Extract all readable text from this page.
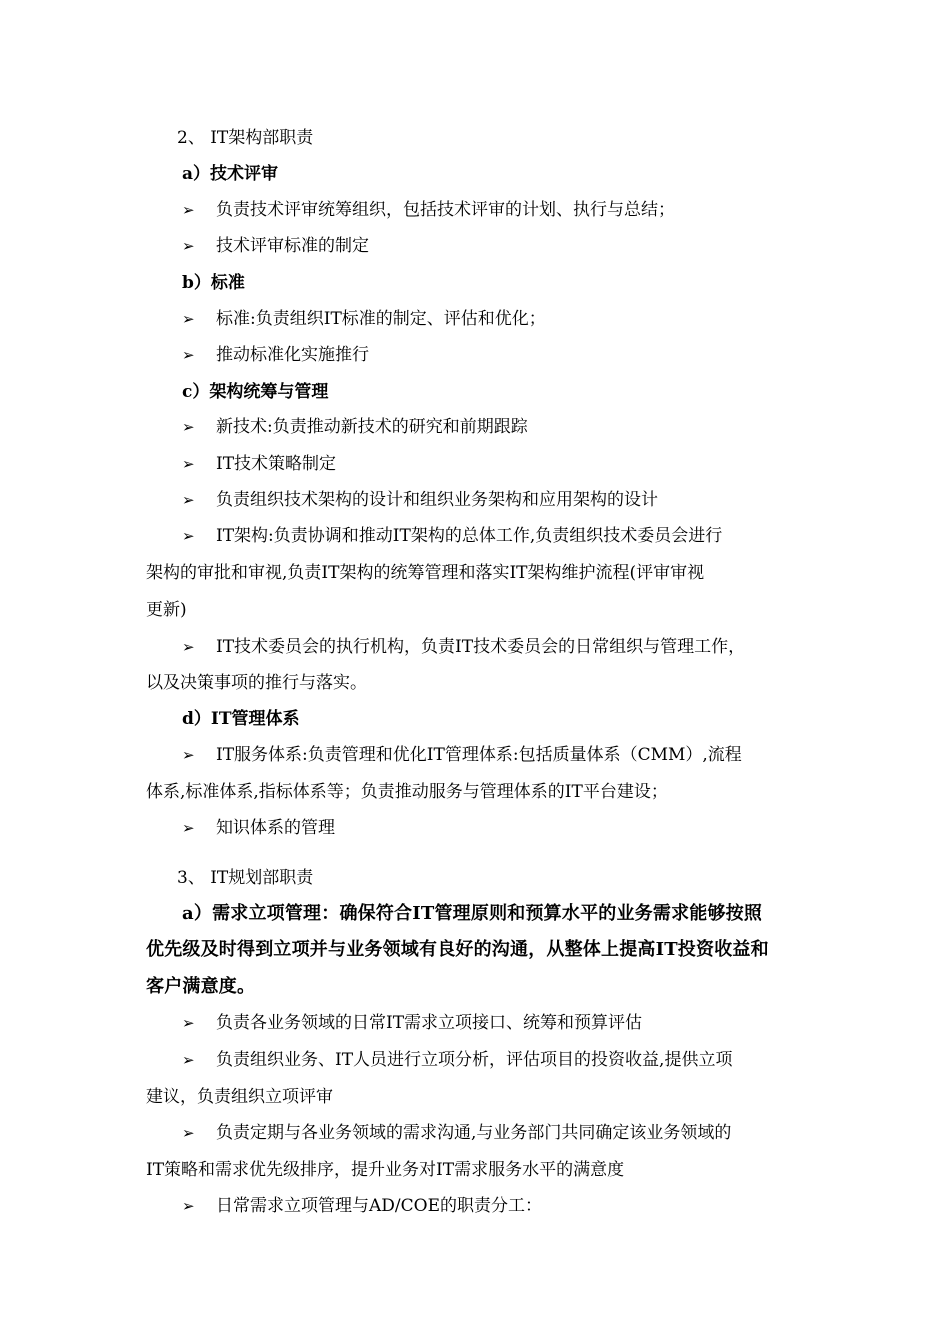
2、 IT架构部职责
a）技术评审
➢ 负责技术评审统筹组织，包括技术评审的计划、执行与总结；
➢ 技术评审标准的制定
b）标准
➢ 标准:负责组织IT标准的制定、评估和优化；
➢ 推动标准化实施推行
c）架构统筹与管理
➢ 新技术:负责推动新技术的研究和前期跟踪
➢ IT技术策略制定
➢ 负责组织技术架构的设计和组织业务架构和应用架构的设计
➢ IT架构:负责协调和推动IT架构的总体工作,负责组织技术委员会进行
架构的审批和审视,负责IT架构的统筹管理和落实IT架构维护流程(评审审视
更新)
➢ IT技术委员会的执行机构，负责IT技术委员会的日常组织与管理工作，
以及决策事项的推行与落实。
d）IT管理体系
➢ IT服务体系:负责管理和优化IT管理体系:包括质量体系（CMM）,流程
体系,标准体系,指标体系等；负责推动服务与管理体系的IT平台建设；
➢ 知识体系的管理
3、 IT规划部职责
a）需求立项管理：确保符合IT管理原则和预算水平的业务需求能够按照
优先级及时得到立项并与业务领域有良好的沟通，从整体上提高IT投资收益和
客户满意度。
➢ 负责各业务领域的日常IT需求立项接口、统筹和预算评估
➢ 负责组织业务、IT人员进行立项分析，评估项目的投资收益,提供立项
建议，负责组织立项评审
➢ 负责定期与各业务领域的需求沟通,与业务部门共同确定该业务领域的
IT策略和需求优先级排序，提升业务对IT需求服务水平的满意度
➢ 日常需求立项管理与AD/COE的职责分工：
